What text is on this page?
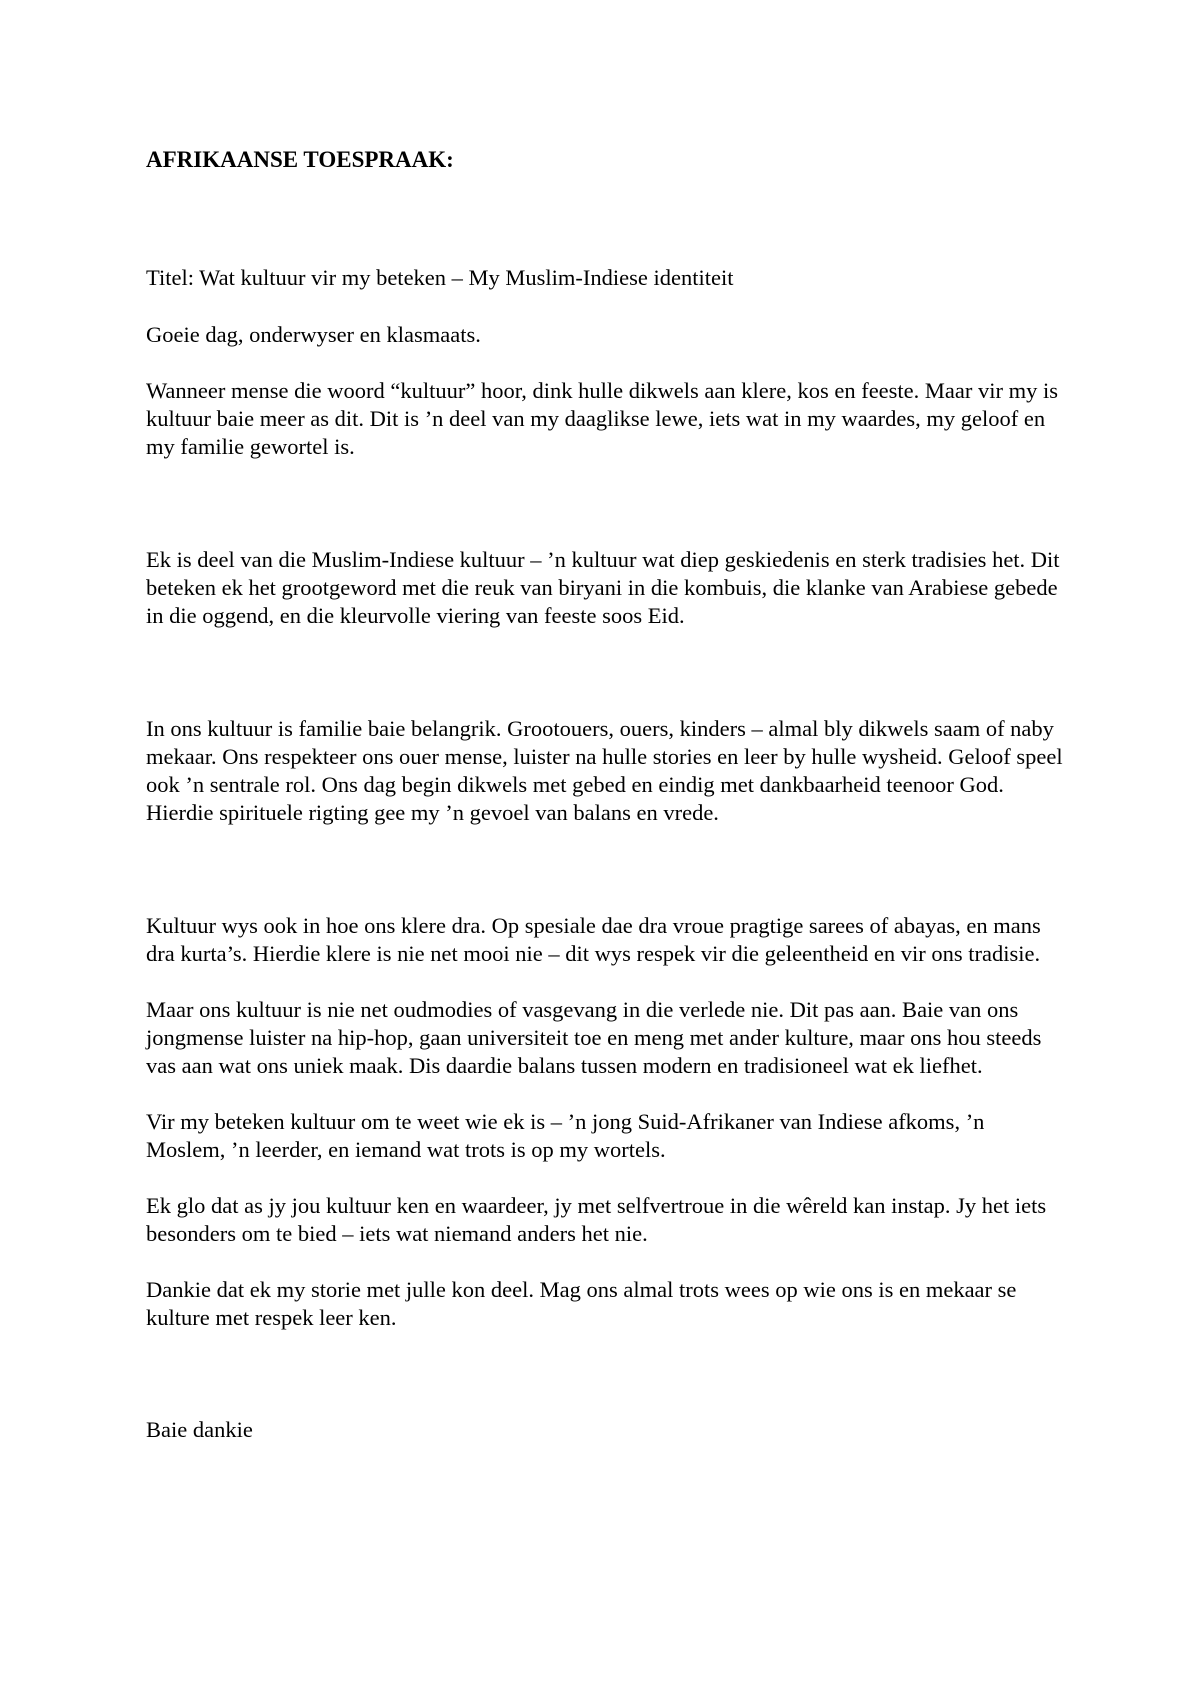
AFRIKAANSE TOESPRAAK:

Titel: Wat kultuur vir my beteken – My Muslim-Indiese identiteit

Goeie dag, onderwyser en klasmaats.

Wanneer mense die woord “kultuur” hoor, dink hulle dikwels aan klere, kos en feeste. Maar vir my is kultuur baie meer as dit. Dit is ’n deel van my daaglikse lewe, iets wat in my waardes, my geloof en my familie gewortel is.

Ek is deel van die Muslim-Indiese kultuur – ’n kultuur wat diep geskiedenis en sterk tradisies het. Dit beteken ek het grootgeword met die reuk van biryani in die kombuis, die klanke van Arabiese gebede in die oggend, en die kleurvolle viering van feeste soos Eid.

In ons kultuur is familie baie belangrik. Grootouers, ouers, kinders – almal bly dikwels saam of naby mekaar. Ons respekteer ons ouer mense, luister na hulle stories en leer by hulle wysheid. Geloof speel ook ’n sentrale rol. Ons dag begin dikwels met gebed en eindig met dankbaarheid teenoor God. Hierdie spirituele rigting gee my ’n gevoel van balans en vrede.

Kultuur wys ook in hoe ons klere dra. Op spesiale dae dra vroue pragtige sarees of abayas, en mans dra kurta’s. Hierdie klere is nie net mooi nie – dit wys respek vir die geleentheid en vir ons tradisie.

Maar ons kultuur is nie net oudmodies of vasgevang in die verlede nie. Dit pas aan. Baie van ons jongmense luister na hip-hop, gaan universiteit toe en meng met ander kulture, maar ons hou steeds vas aan wat ons uniek maak. Dis daardie balans tussen modern en tradisioneel wat ek liefhet.

Vir my beteken kultuur om te weet wie ek is – ’n jong Suid-Afrikaner van Indiese afkoms, ’n Moslem, ’n leerder, en iemand wat trots is op my wortels.

Ek glo dat as jy jou kultuur ken en waardeer, jy met selfvertroue in die wêreld kan instap. Jy het iets besonders om te bied – iets wat niemand anders het nie.

Dankie dat ek my storie met julle kon deel. Mag ons almal trots wees op wie ons is en mekaar se kulture met respek leer ken.

Baie dankie
